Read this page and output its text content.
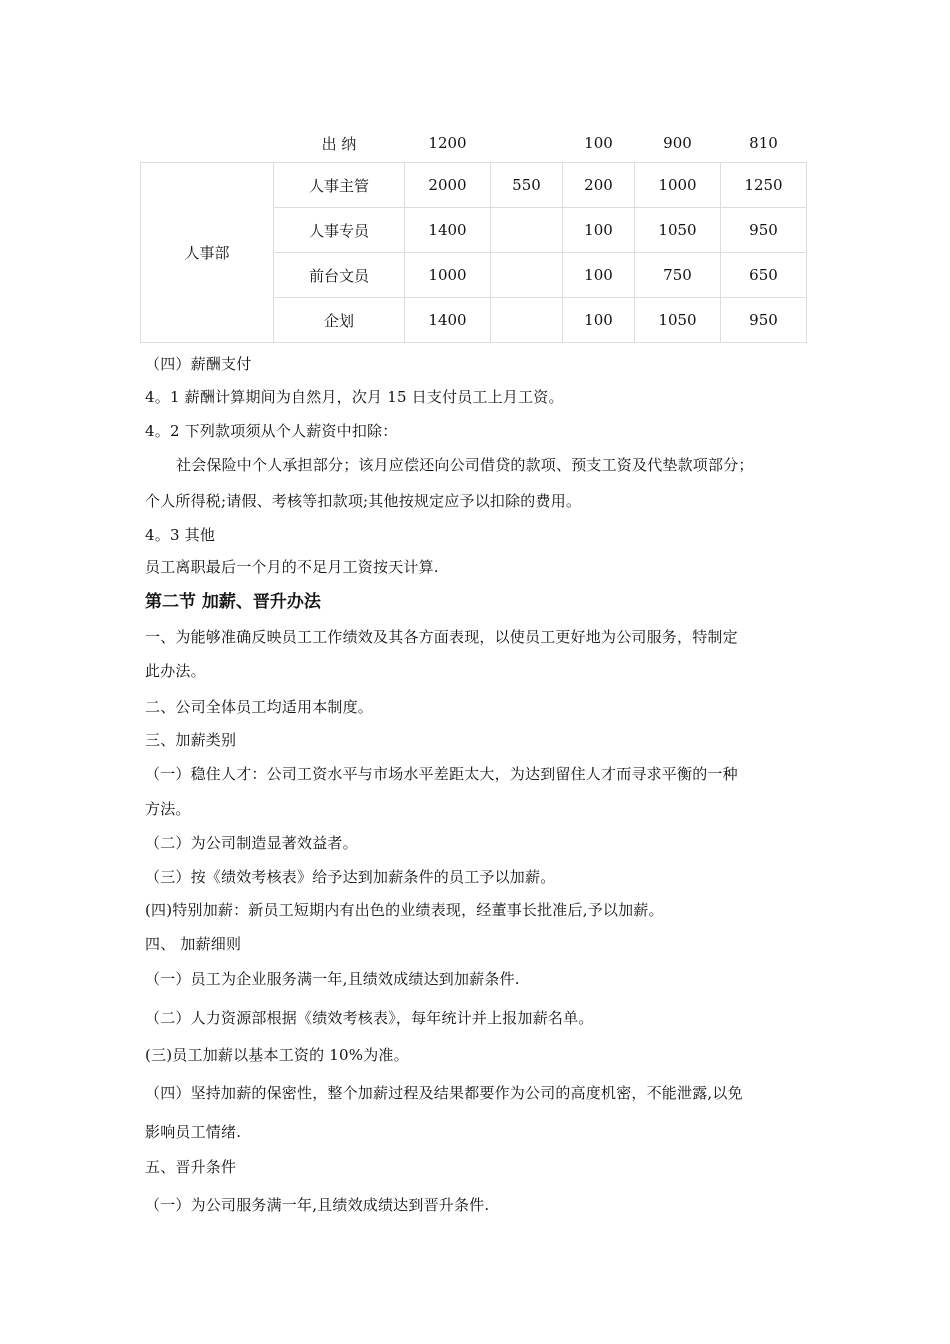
	出 纳	1200		100	900	810
人事部	人事主管	2000	550	200	1000	1250
	人事专员	1400		100	1050	950
	前台文员	1000		100	750	650
	企划	1400		100	1050	950
（四）薪酬支付
4。1 薪酬计算期间为自然月，次月 15 日支付员工上月工资。
4。2 下列款项须从个人薪资中扣除：
社会保险中个人承担部分；该月应偿还向公司借贷的款项、预支工资及代垫款项部分；
个人所得税;请假、考核等扣款项;其他按规定应予以扣除的费用。
4。3 其他
员工离职最后一个月的不足月工资按天计算.
第二节 加薪、晋升办法
一、为能够准确反映员工工作绩效及其各方面表现，以使员工更好地为公司服务，特制定
此办法。
二、公司全体员工均适用本制度。
三、加薪类别
（一）稳住人才：公司工资水平与市场水平差距太大，为达到留住人才而寻求平衡的一种
方法。
（二）为公司制造显著效益者。
（三）按《绩效考核表》给予达到加薪条件的员工予以加薪。
(四)特别加薪：新员工短期内有出色的业绩表现，经董事长批准后,予以加薪。
四、 加薪细则
（一）员工为企业服务满一年,且绩效成绩达到加薪条件.
（二）人力资源部根据《绩效考核表》，每年统计并上报加薪名单。
(三)员工加薪以基本工资的 10%为准。
（四）坚持加薪的保密性，整个加薪过程及结果都要作为公司的高度机密，不能泄露,以免
影响员工情绪.
五、晋升条件
（一）为公司服务满一年,且绩效成绩达到晋升条件.
